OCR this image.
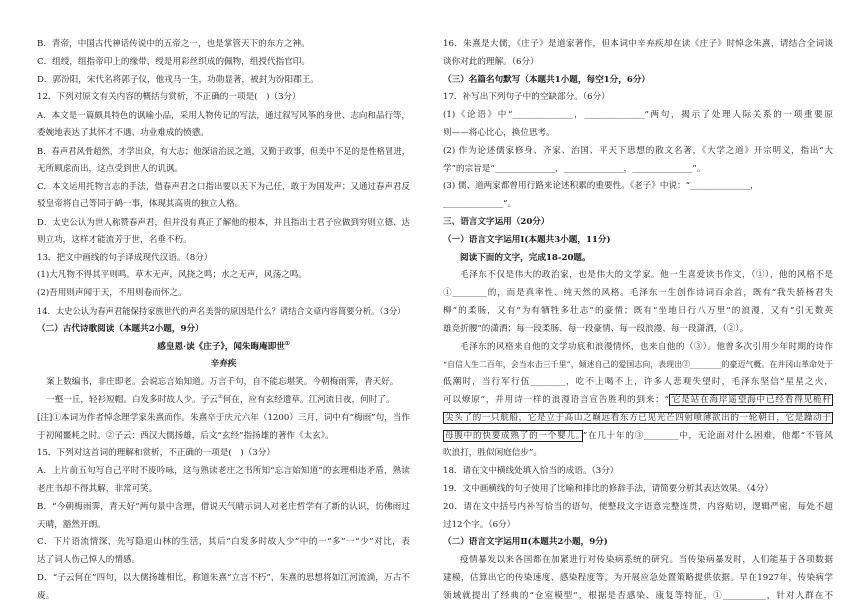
B．青帝，中国古代神话传说中的五帝之一，也是掌管天下的东方之神。
C．组绶，组指帝印上的缘带，绶是用彩丝织成的佩物，组授代指官印。
D．郭汾阳，宋代名将郭子仪，他戎马一生，功勋显著，被封为汾阳郡王。
12．下列对原文有关内容的概括与赏析，不正确的一项是(　)（3分）
A．本文是一篇颇具特色的讽喻小品，采用人物传记的写法，通过叙写风筝的身世、志向和品行等，
委婉地表达了其怀才不遇、功业难成的愤懑。
B．春声君风骨超然，才学出众，有大志；他深谙治民之道，又勤于政事，但美中不足的是性格冒进，
无所顾虑而出，这点受到世人的讥讽。
C．本文运用托物言志的手法，借春声君之口指出要以天下为己任，敢于为国发声；又通过春声君反
驳皇帝将自己等同于鹤一事，体现其高贵的独立人格。
D．太史公认为世人称赞春声君，但并没有真正了解他的根本，并且指出士君子应做到穷则立德、达
则立功，这样才能流芳于世，名垂不朽。
13．把文中画线的句子译成现代汉语。（8分）
(1)大凡物不得其平则鸣。草木无声，风挠之鸣；水之无声，风荡之鸣。
(2)吾用则声闻于天，不用则卷而怀之。
14．太史公认为春声君能保持家族世代的声名美誉的原因是什么？请结合文章内容简要分析。（3分）
（二）古代诗歌阅读（本题共2小题，9分）
感皇恩·读《庄子》，闻朱晦庵即世①
辛弃疾
案上数编书，非庄即老。会说忘言始知道。万言千句，自不能忘堪笑。今朝梅雨霁，青天好。
一壑一丘，轻衫短帽。白发多时故人少。子云②何在，应有玄经遗草。江河流日夜，何时了。
[注]①本词为作者悼念理学家朱熹而作。朱熹卒于庆元六年（1200）三月，词中有“梅雨”句，当作
于初闻噩耗之时。②子云：西汉大儒扬雄，后文“玄经”指扬雄的著作《太玄》。
15．下列对这首词的理解和赏析，不正确的一项是(　)（3分）
A．上片前五句写自己平时不废吟咏，这与熟读老庄之书所知“忘言始知道”的玄理相违矛盾，熟读
老庄书却不得其解，非常可笑。
B．“今朝梅雨霁，青天好”两句景中含理，借说天气晴示词人对老庄哲学有了新的认识，仿佛雨过
天晴，豁然开朗。
C．下片语流情深，先写隐退山林的生活，其后“白发多时故人少”中的一“多”一“少”对比，表
达了词人伤己悼人的情感。
D．“子云何在”四句，以大儒扬雄相比，称道朱熹“立言不朽”，朱熹的思想将如江河流淌，万古不
废。
16．朱熹是大儒，《庄子》是道家著作，但本词中辛弃疾却在读《庄子》时悼念朱熹，请结合全词谈
谈你对此的理解。（6分）
（三）名篇名句默写（本题共1小题，每空1分，6分）
17．补写出下列句子中的空缺部分。（6分）
(1)《论语》中“______________，______________”两句，揭示了处理人际关系的一项重要原
则——将心比心，换位思考。
(2) 作为论述儒家修身、齐家、治国、平天下思想的散文名著，《大学之道》开宗明义，指出“大
学”的宗旨是“______________，______________，______________”。
(3) 儒、道两家都曾用行路来论述积累的重要性。《老子》中说：“______________，
______________”。
三、语言文字运用（20分）
（一）语言文字运用Ⅰ(本题共3小题，11分)
阅读下面的文字，完成18-20题。
毛泽东不仅是伟大的政治家，也是伟大的文学家。他一生喜爱读书作文，（①），他的风格不是
①________的，而是真率性、纯天然的风格。毛泽东一生创作诗词百余首，既有“我失骄杨君失
柳”的柔肠，又有“为有牺牲多壮志”的豪情；既有“坐地日行八万里”的浪漫，又有“引无数英
雄竞折腰”的潇洒；每一段柔肠、每一段豪情、每一段浪漫、每一段潇洒，（②）。
毛泽东的风格来自他的文学功底和浪漫情怀，也来自他的（③）。他曾多次引用少年时期的诗作
“自信人生二百年，会当水击三千里”，倾述自己的爱国志向，表现出②________的豪迈气概。在井冈山革命处于
低潮时，当行军行伍________，吃不上喝不上，许多人悲观失望时，毛泽东坚信“星星之火，
可以燎原”，并用诗一样的浪漫语言宣告胜利的到来：“ 它是站在海岸遥望海中已经看得见桅杆
尖头了的一只航船，它是立于高山之巅远看东方已见光芒四射喷薄欲出的一轮朝日，它是躁动于
母腹中的快要成熟了的一个婴儿。 ”在几十年的③________中，无论面对什么困难，他都“不管风
吹浪打，胜似闲庭信步”。
18．请在文中横线处填入恰当的成语。（3分）
19．文中画横线的句子使用了比喻和排比的修辞手法，请简要分析其表达效果。（4分）
20．请在文中括号内补写恰当的语句，使整段文字语意完整连贯，内容贴切，逻辑严密，每处不超
过12个字。（6分）
（二）语言文字运用Ⅱ(本题共2小题，9分)
疫情暴发以来各国都在加紧进行对传染病系统的研究。当传染病暴发时，人们能基于各项数据
建模，估算出它的传染速度、感染程度等，为开展应急处置策略提供依据。早在1927年，传染病学
领域就提出了经典的“仓室模型”，根据是否感染、康复等特征，①__________，针对人群在不
